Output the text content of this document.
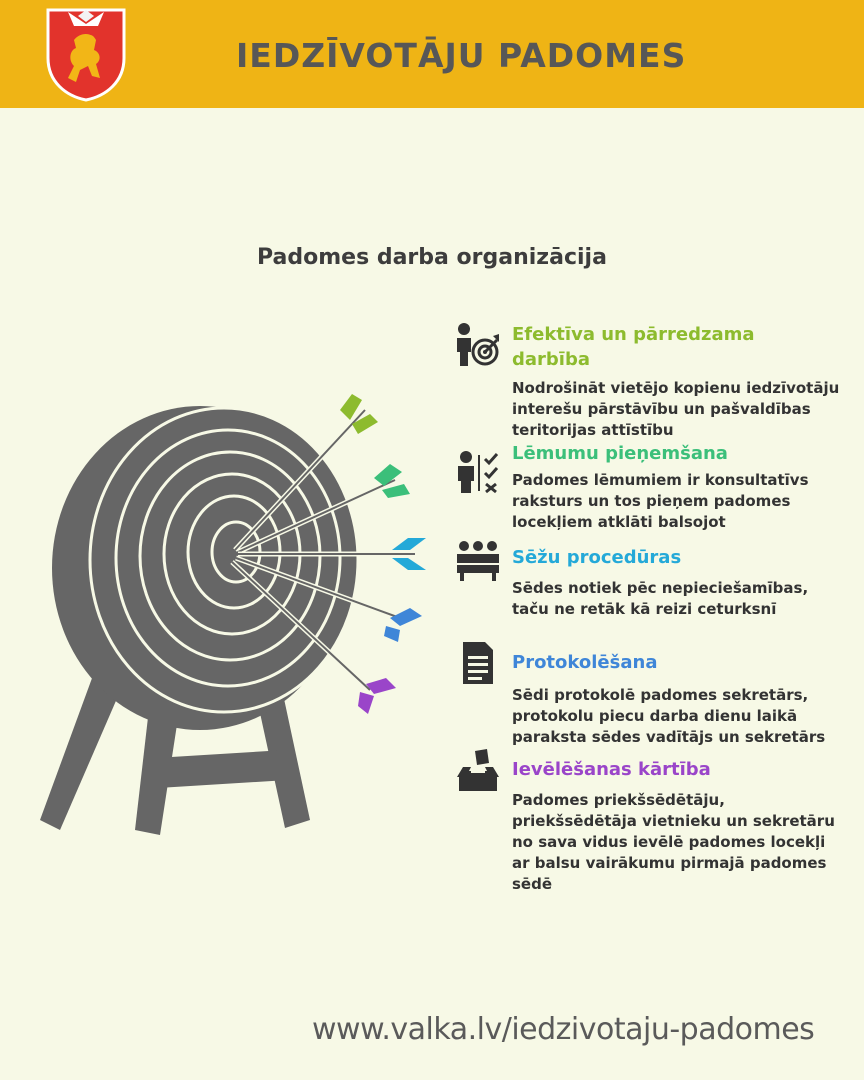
IEDZĪVOTĀJU PADOMES
Padomes darba organizācija
Efektīva un pārredzama darbība
Nodrošināt vietējo kopienu iedzīvotāju interešu pārstāvību un pašvaldības teritorijas attīstību
Lēmumu pieņemšana
Padomes lēmumiem ir konsultatīvs raksturs un tos pieņem padomes locekļiem atklāti balsojot
Sēžu procedūras
Sēdes notiek pēc nepieciešamības, taču ne retāk kā reizi ceturksnī
Protokolēšana
Sēdi protokolē padomes sekretārs, protokolu piecu darba dienu laikā paraksta sēdes vadītājs un sekretārs
Ievēlēšanas kārtība
Padomes priekšsēdētāju, priekšsēdētāja vietnieku un sekretāru no sava vidus ievēlē padomes locekļi ar balsu vairākumu pirmajā padomes sēdē
www.valka.lv/iedzivotaju-padomes
